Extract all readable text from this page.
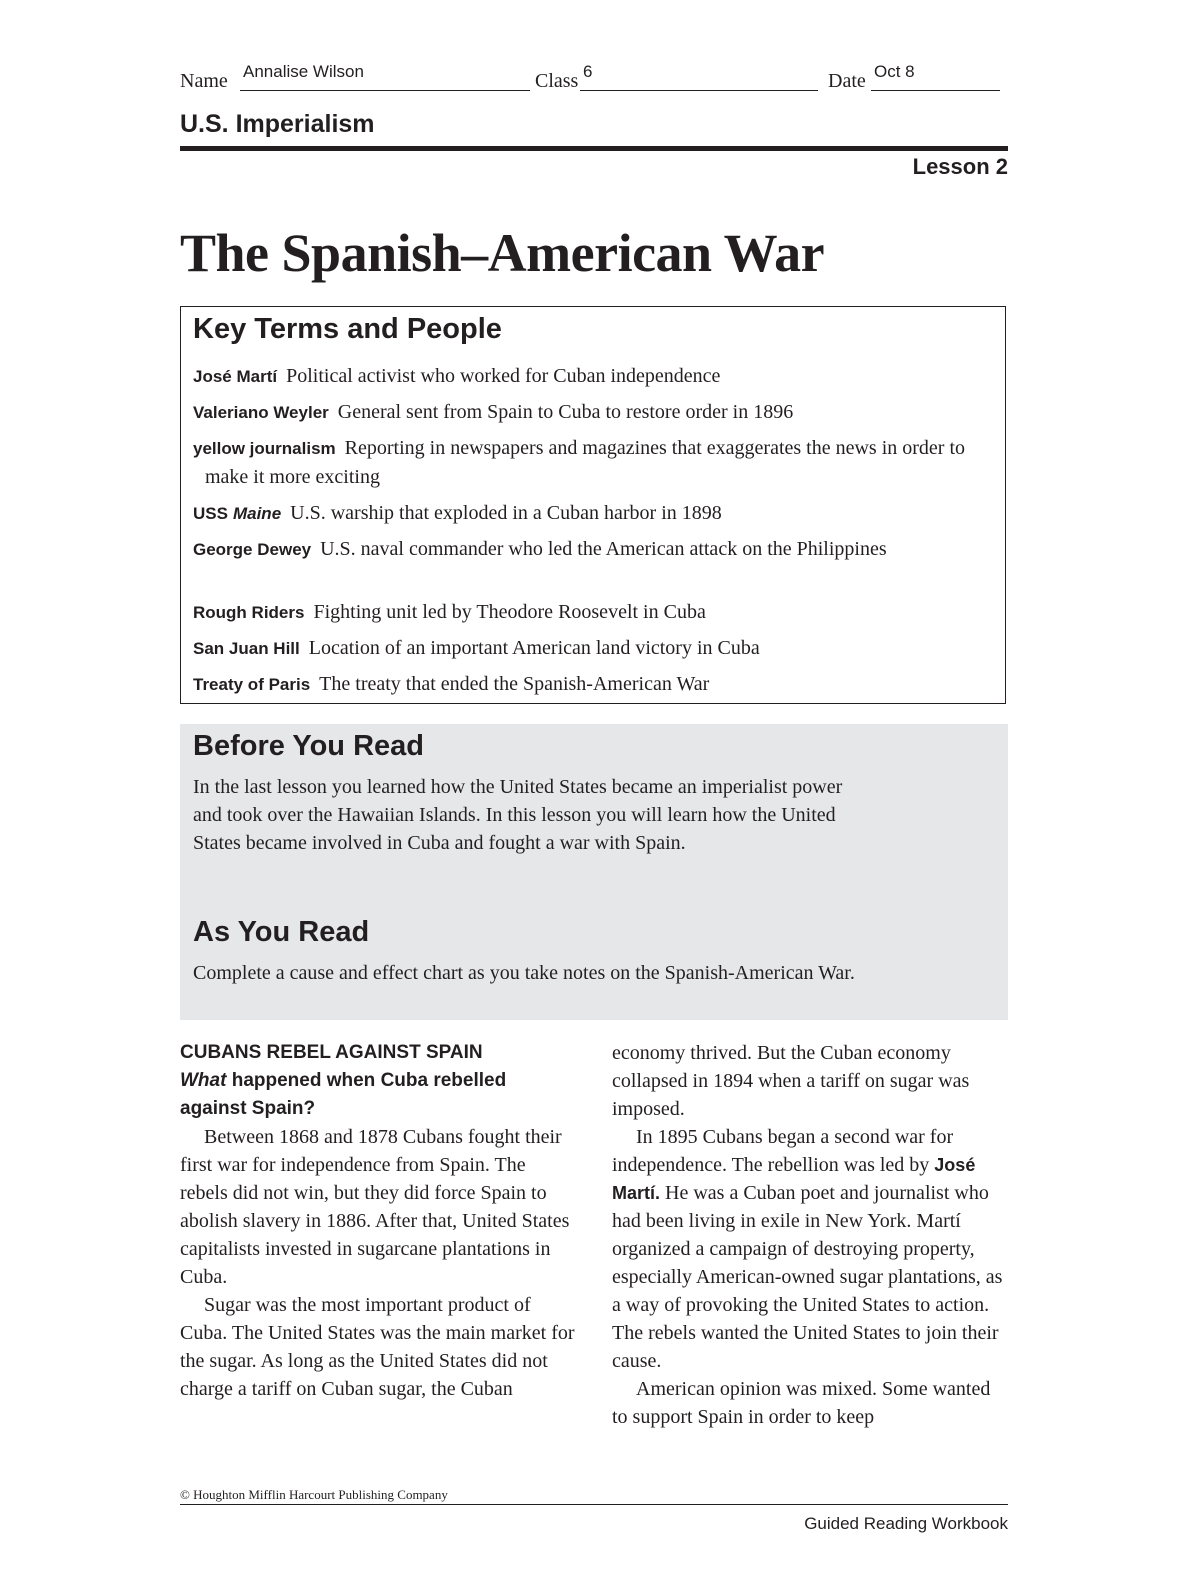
Name Annalise Wilson	Class 6	Date Oct 8
U.S. Imperialism
Lesson 2
The Spanish–American War
Key Terms and People
José Martí Political activist who worked for Cuban independence
Valeriano Weyler General sent from Spain to Cuba to restore order in 1896
yellow journalism Reporting in newspapers and magazines that exaggerates the news in order to make it more exciting
USS Maine U.S. warship that exploded in a Cuban harbor in 1898
George Dewey U.S. naval commander who led the American attack on the Philippines
Rough Riders Fighting unit led by Theodore Roosevelt in Cuba
San Juan Hill Location of an important American land victory in Cuba
Treaty of Paris The treaty that ended the Spanish-American War
Before You Read
In the last lesson you learned how the United States became an imperialist power and took over the Hawaiian Islands. In this lesson you will learn how the United States became involved in Cuba and fought a war with Spain.
As You Read
Complete a cause and effect chart as you take notes on the Spanish-American War.

CUBANS REBEL AGAINST SPAIN

What happened when Cuba rebelled against Spain?

Between 1868 and 1878 Cubans fought their first war for independence from Spain. The rebels did not win, but they did force Spain to abolish slavery in 1886. After that, United States capitalists invested in sugarcane plantations in Cuba.

Sugar was the most important product of Cuba. The United States was the main market for the sugar. As long as the United States did not charge a tariff on Cuban sugar, the Cuban

economy thrived. But the Cuban economy collapsed in 1894 when a tariff on sugar was imposed.

In 1895 Cubans began a second war for independence. The rebellion was led by José Martí. He was a Cuban poet and journalist who had been living in exile in New York. Martí organized a campaign of destroying property, especially American-owned sugar plantations, as a way of provoking the United States to action. The rebels wanted the United States to join their cause.

American opinion was mixed. Some wanted to support Spain in order to keep

© Houghton Mifflin Harcourt Publishing Company
Guided Reading Workbook
